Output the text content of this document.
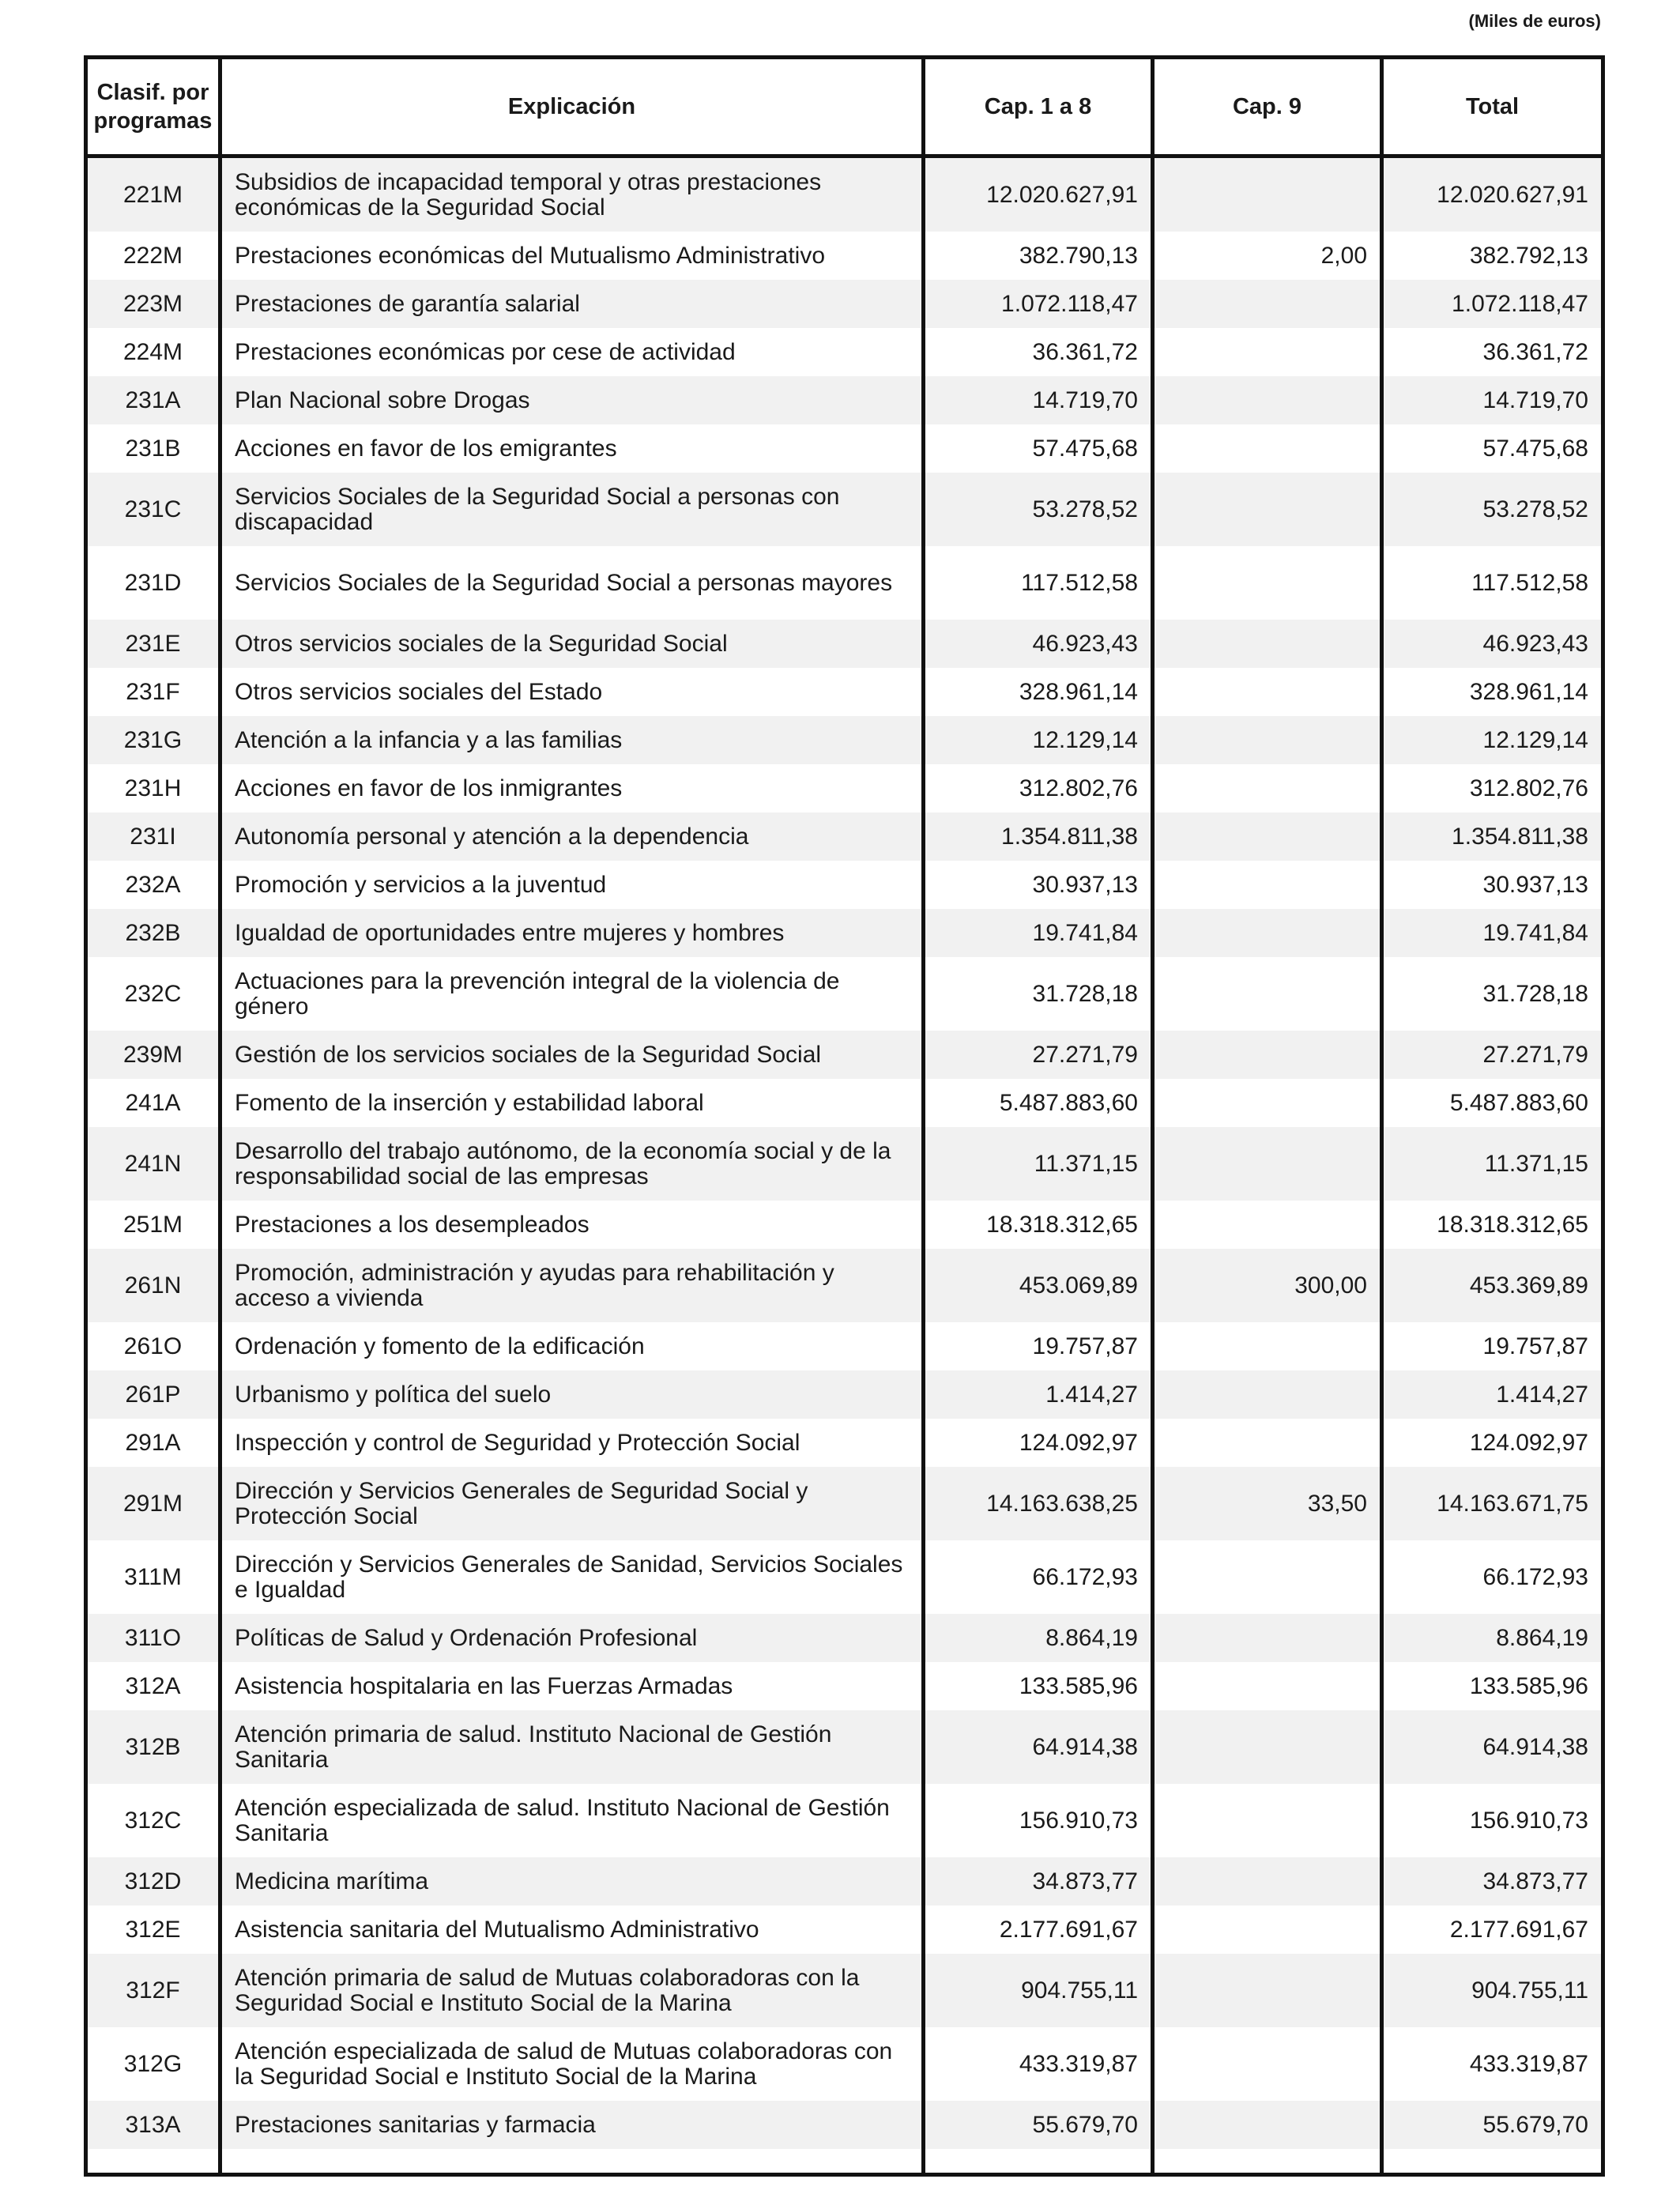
(Miles de euros)
Clasif. por programas	Explicación	Cap. 1 a 8	Cap. 9	Total
221M	Subsidios de incapacidad temporal y otras prestaciones económicas de la Seguridad Social	12.020.627,91		12.020.627,91
222M	Prestaciones económicas del Mutualismo Administrativo	382.790,13	2,00	382.792,13
223M	Prestaciones de garantía salarial	1.072.118,47		1.072.118,47
224M	Prestaciones económicas por cese de actividad	36.361,72		36.361,72
231A	Plan Nacional sobre Drogas	14.719,70		14.719,70
231B	Acciones en favor de los emigrantes	57.475,68		57.475,68
231C	Servicios Sociales de la Seguridad Social a personas con discapacidad	53.278,52		53.278,52
231D	Servicios Sociales de la Seguridad Social a personas mayores	117.512,58		117.512,58
231E	Otros servicios sociales de la Seguridad Social	46.923,43		46.923,43
231F	Otros servicios sociales del Estado	328.961,14		328.961,14
231G	Atención a la infancia y a las familias	12.129,14		12.129,14
231H	Acciones en favor de los inmigrantes	312.802,76		312.802,76
231I	Autonomía personal y atención a la dependencia	1.354.811,38		1.354.811,38
232A	Promoción y servicios a la juventud	30.937,13		30.937,13
232B	Igualdad de oportunidades entre mujeres y hombres	19.741,84		19.741,84
232C	Actuaciones para la prevención integral de la violencia de género	31.728,18		31.728,18
239M	Gestión de los servicios sociales de la Seguridad Social	27.271,79		27.271,79
241A	Fomento de la inserción y estabilidad laboral	5.487.883,60		5.487.883,60
241N	Desarrollo del trabajo autónomo, de la economía social y de la responsabilidad social de las empresas	11.371,15		11.371,15
251M	Prestaciones a los desempleados	18.318.312,65		18.318.312,65
261N	Promoción, administración y ayudas para rehabilitación y acceso a vivienda	453.069,89	300,00	453.369,89
261O	Ordenación y fomento de la edificación	19.757,87		19.757,87
261P	Urbanismo y política del suelo	1.414,27		1.414,27
291A	Inspección y control de Seguridad y Protección Social	124.092,97		124.092,97
291M	Dirección y Servicios Generales de Seguridad Social y Protección Social	14.163.638,25	33,50	14.163.671,75
311M	Dirección y Servicios Generales de Sanidad, Servicios Sociales e Igualdad	66.172,93		66.172,93
311O	Políticas de Salud y Ordenación Profesional	8.864,19		8.864,19
312A	Asistencia hospitalaria en las Fuerzas Armadas	133.585,96		133.585,96
312B	Atención primaria de salud. Instituto Nacional de Gestión Sanitaria	64.914,38		64.914,38
312C	Atención especializada de salud. Instituto Nacional de Gestión Sanitaria	156.910,73		156.910,73
312D	Medicina marítima	34.873,77		34.873,77
312E	Asistencia sanitaria del Mutualismo Administrativo	2.177.691,67		2.177.691,67
312F	Atención primaria de salud de Mutuas colaboradoras con la Seguridad Social e Instituto Social de la Marina	904.755,11		904.755,11
312G	Atención especializada de salud de Mutuas colaboradoras con la Seguridad Social e Instituto Social de la Marina	433.319,87		433.319,87
313A	Prestaciones sanitarias y farmacia	55.679,70		55.679,70
